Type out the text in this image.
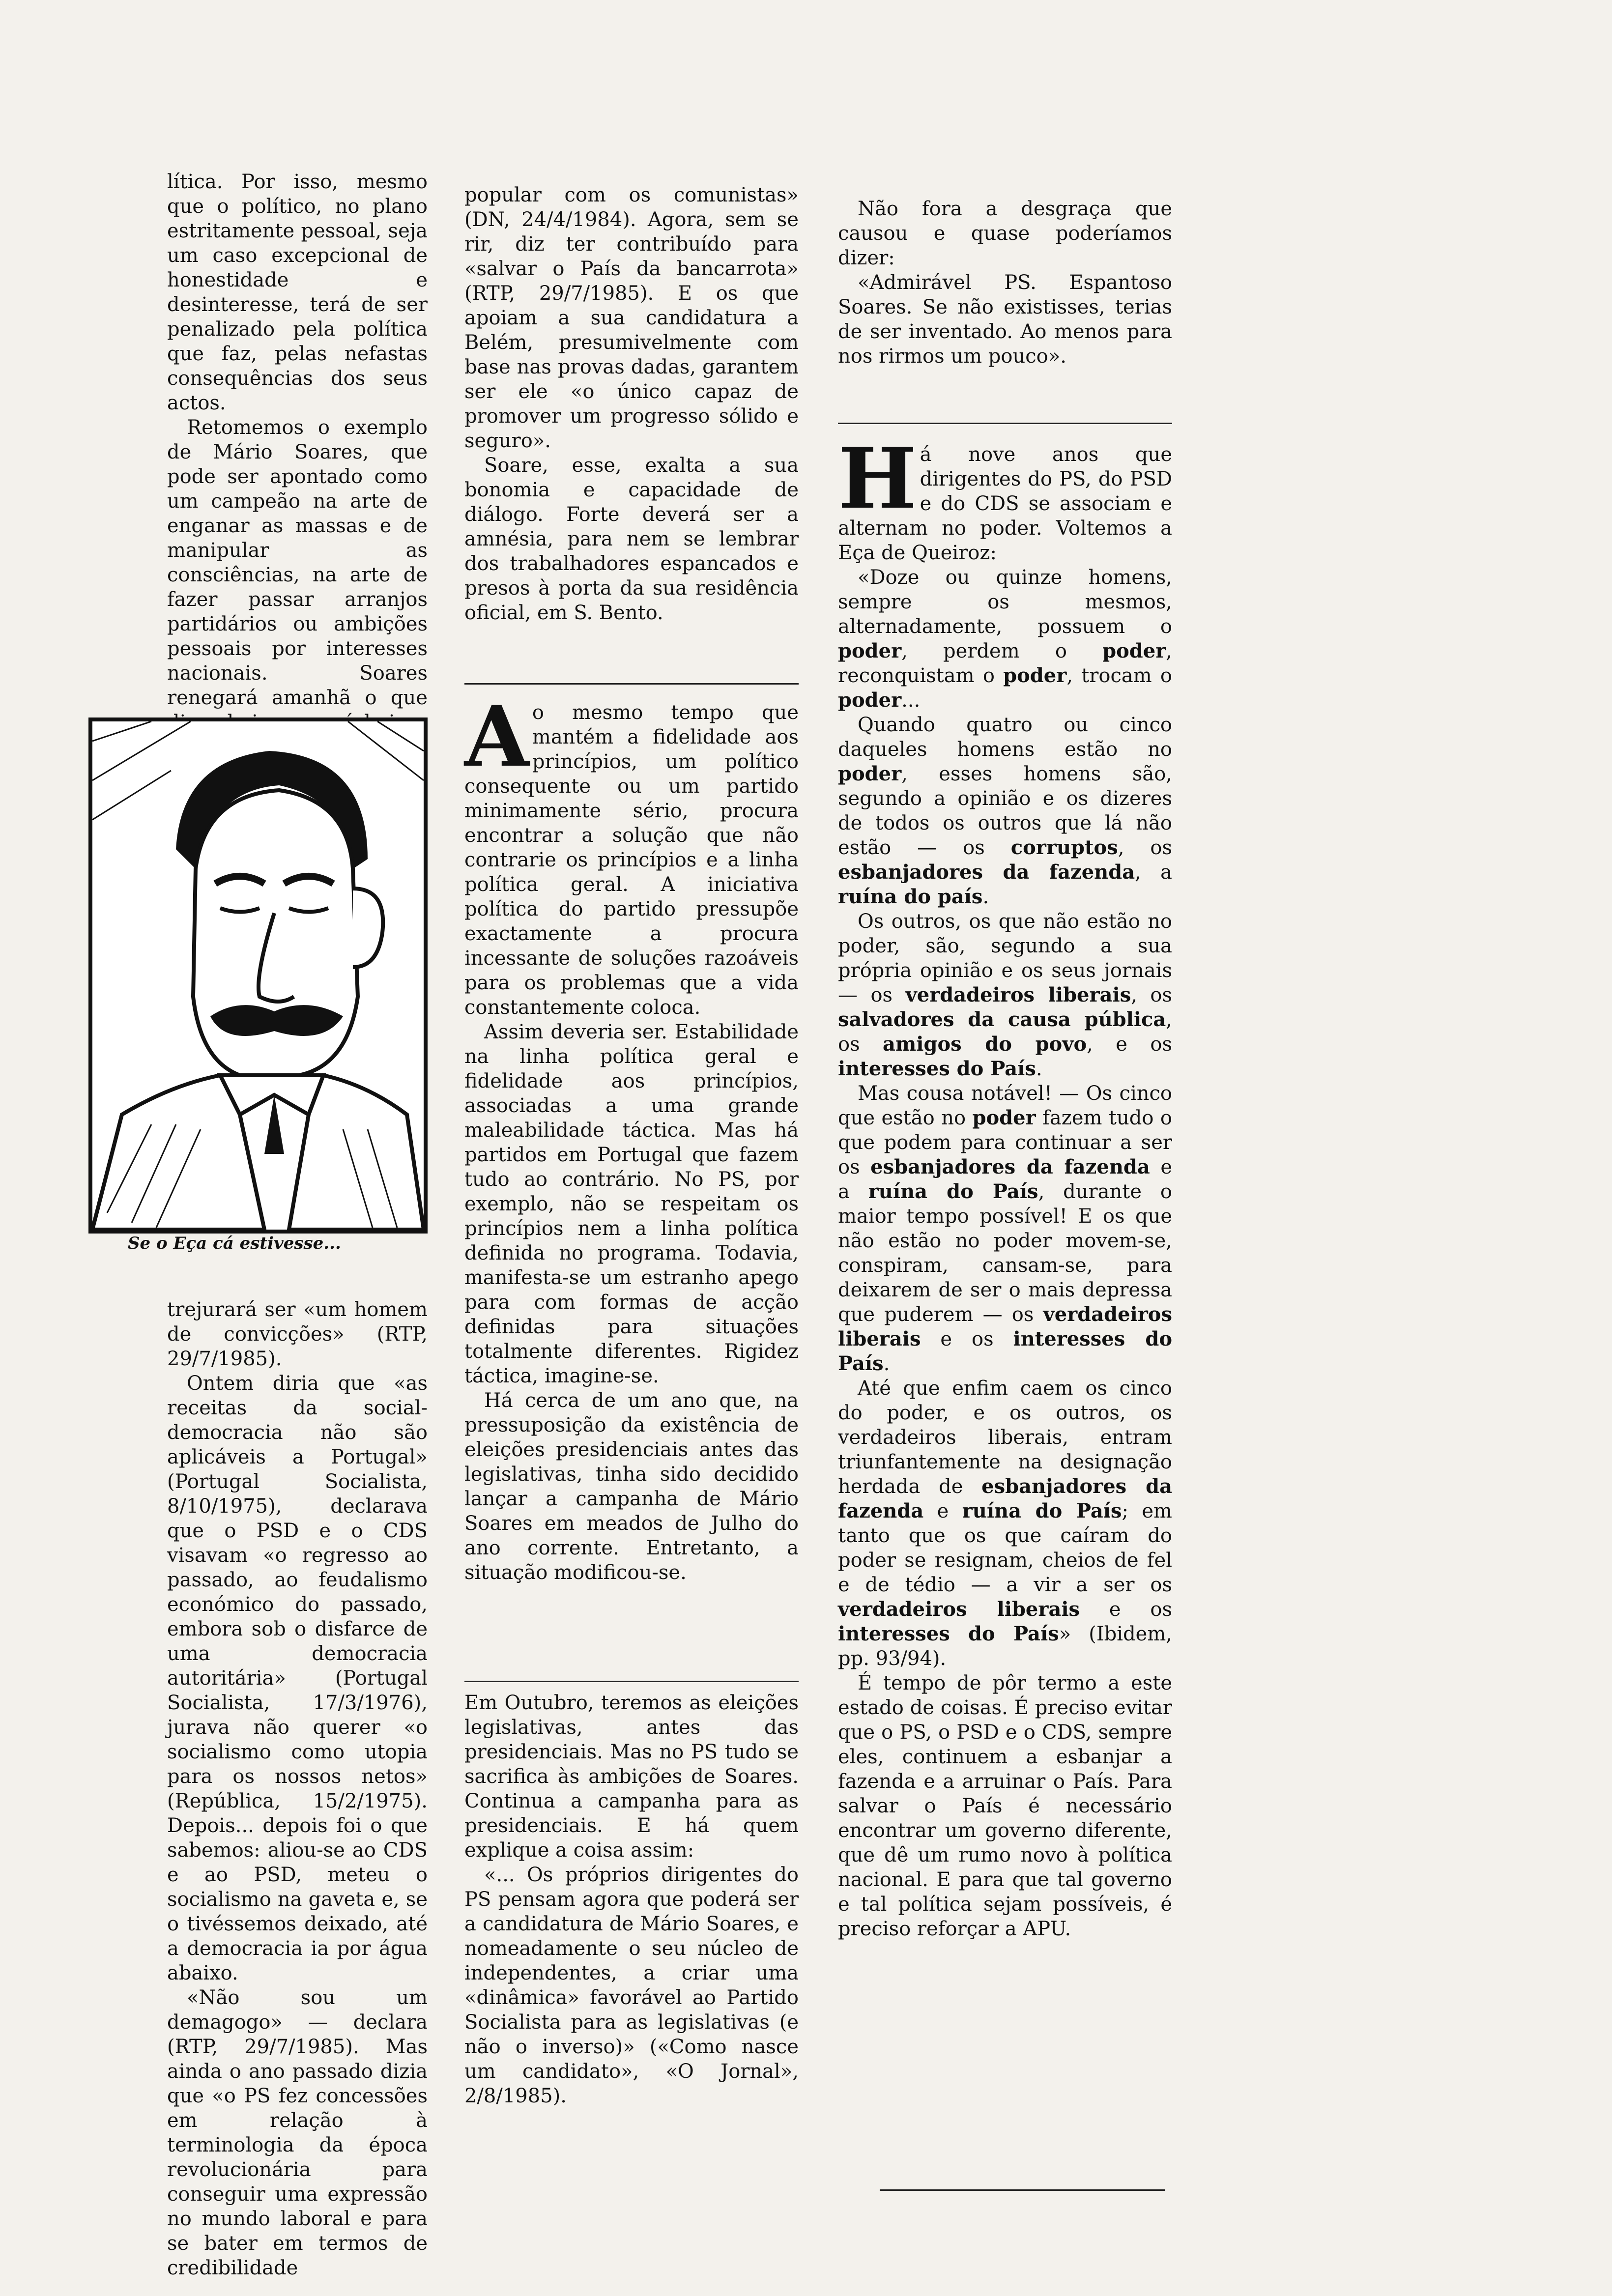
lítica. Por isso, mesmo que o político, no plano estritamente pessoal, seja um caso excepcional de honestidade e desinteresse, terá de ser penalizado pela política que faz, pelas nefastas consequências dos seus actos.

Retomemos o exemplo de Mário Soares, que pode ser apontado como um campeão na arte de enganar as massas e de manipular as consciências, na arte de fazer passar arranjos partidários ou ambições pessoais por interesses nacionais. Soares renegará amanhã o que

Se o Eça cá estivesse...

trejurará ser «um homem de convicções» (RTP, 29/7/1985).

Ontem diria que «as receitas da social-democracia não são aplicáveis a Portugal» (Portugal Socialista, 8/10/1975), declarava que o PSD e o CDS visavam «o regresso ao passado, ao feudalismo económico do passado, embora sob o disfarce de uma democracia autoritária» (Portugal Socialista, 17/3/1976), jurava não querer «o socialismo como utopia para os nossos netos» (República, 15/2/1975). Depois... depois foi o que sabemos: aliou-se ao CDS e ao PSD, meteu o socialismo na gaveta e, se o tivéssemos deixado, até a democracia ia por água abaixo.

«Não sou um demagogo» — declara (RTP, 29/7/1985). Mas ainda o ano passado dizia que «o PS fez concessões em relação à terminologia da época revolucionária para conseguir uma expressão no mundo laboral e para se bater em termos de credibilidade

popular com os comunistas» (DN, 24/4/1984). Agora, sem se rir, diz ter contribuído para «salvar o País da bancarrota» (RTP, 29/7/1985). E os que apoiam a sua candidatura a Belém, presumivelmente com base nas provas dadas, garantem ser ele «o único capaz de promover um progresso sólido e seguro».

Soare, esse, exalta a sua bonomia e capacidade de diálogo. Forte deverá ser a amnésia, para nem se lembrar dos trabalhadores espancados e presos à porta da sua residência oficial, em S. Bento.

Ao mesmo tempo que mantém a fidelidade aos princípios, um político consequente ou um partido minimamente sério, procura encontrar a solução que não contrarie os princípios e a linha política geral. A iniciativa política do partido pressupõe exactamente a procura incessante de soluções razoáveis para os problemas que a vida constantemente coloca.

Assim deveria ser. Estabilidade na linha política geral e fidelidade aos princípios, associadas a uma grande maleabilidade táctica. Mas há partidos em Portugal que fazem tudo ao contrário. No PS, por exemplo, não se respeitam os princípios nem a linha política definida no programa. Todavia, manifesta-se um estranho apego para com formas de acção definidas para situações totalmente diferentes. Rigidez táctica, imagine-se.

Há cerca de um ano que, na pressuposição da existência de eleições presidenciais antes das legislativas, tinha sido decidido lançar a campanha de Mário Soares em meados de Julho do ano corrente. Entretanto, a situação modificou-se.

Em Outubro, teremos as eleições legislativas, antes das presidenciais. Mas no PS tudo se sacrifica às ambições de Soares. Continua a campanha para as presidenciais. E há quem explique a coisa assim:

«... Os próprios dirigentes do PS pensam agora que poderá ser a candidatura de Mário Soares, e nomeadamente o seu núcleo de independentes, a criar uma «dinâmica» favorável ao Partido Socialista para as legislativas (e não o inverso)» («Como nasce um candidato», «O Jornal», 2/8/1985).

Não fora a desgraça que causou e quase poderíamos dizer:

«Admirável PS. Espantoso Soares. Se não existisses, terias de ser inventado. Ao menos para nos rirmos um pouco».

Há nove anos que dirigentes do PS, do PSD e do CDS se associam e alternam no poder. Voltemos a Eça de Queiroz:

«Doze ou quinze homens, sempre os mesmos, alternadamente, possuem o poder, perdem o poder, reconquistam o poder, trocam o poder...

Quando quatro ou cinco daqueles homens estão no poder, esses homens são, segundo a opinião e os dizeres de todos os outros que lá não estão — os corruptos, os esbanjadores da fazenda, a ruína do país.

Os outros, os que não estão no poder, são, segundo a sua própria opinião e os seus jornais — os verdadeiros liberais, os salvadores da causa pública, os amigos do povo, e os interesses do País.

Mas cousa notável! — Os cinco que estão no poder fazem tudo o que podem para continuar a ser os esbanjadores da fazenda e a ruína do País, durante o maior tempo possível! E os que não estão no poder movem-se, conspiram, cansam-se, para deixarem de ser o mais depressa que puderem — os verdadeiros liberais e os interesses do País.

Até que enfim caem os cinco do poder, e os outros, os verdadeiros liberais, entram triunfantemente na designação herdada de esbanjadores da fazenda e ruína do País; em tanto que os que caíram do poder se resignam, cheios de fel e de tédio — a vir a ser os verdadeiros liberais e os interesses do País» (Ibidem, pp. 93/94).

É tempo de pôr termo a este estado de coisas. É preciso evitar que o PS, o PSD e o CDS, sempre eles, continuem a esbanjar a fazenda e a arruinar o País. Para salvar o País é necessário encontrar um governo diferente, que dê um rumo novo à política nacional. E para que tal governo e tal política sejam possíveis, é preciso reforçar a APU.
